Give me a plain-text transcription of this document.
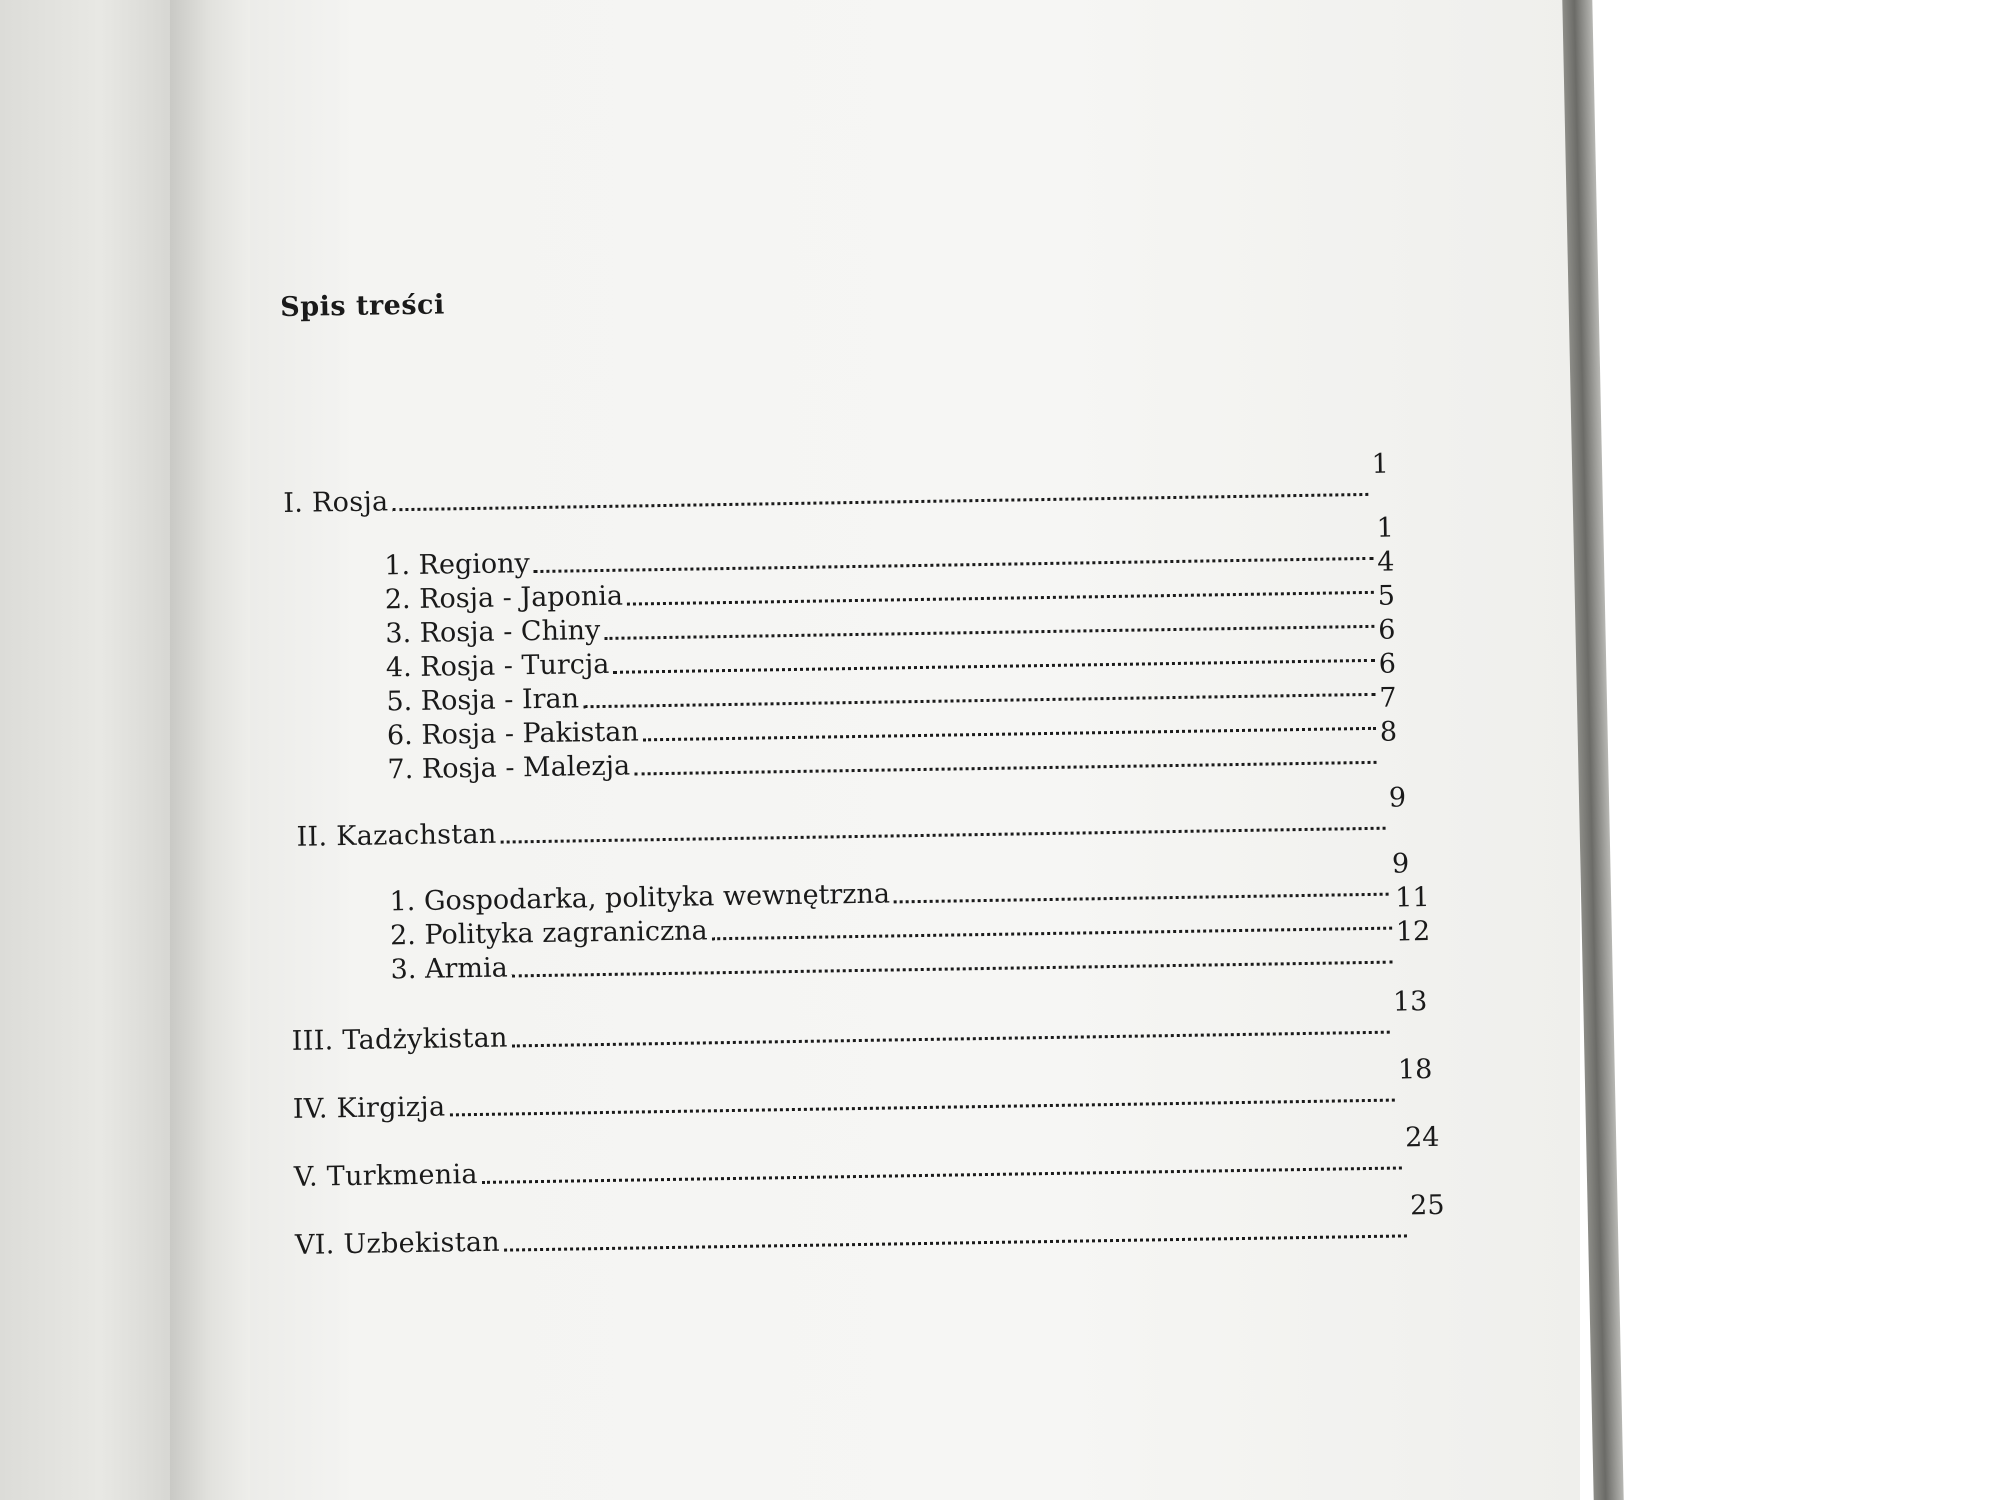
Spis treści
I. Rosja
1
1. Regiony
1
2. Rosja - Japonia
4
3. Rosja - Chiny
5
4. Rosja - Turcja
6
5. Rosja - Iran
6
6. Rosja - Pakistan
7
7. Rosja - Malezja
8
II. Kazachstan
9
1. Gospodarka, polityka wewnętrzna
9
2. Polityka zagraniczna
11
3. Armia
12
III. Tadżykistan
13
IV. Kirgizja
18
V. Turkmenia
24
VI. Uzbekistan
25
